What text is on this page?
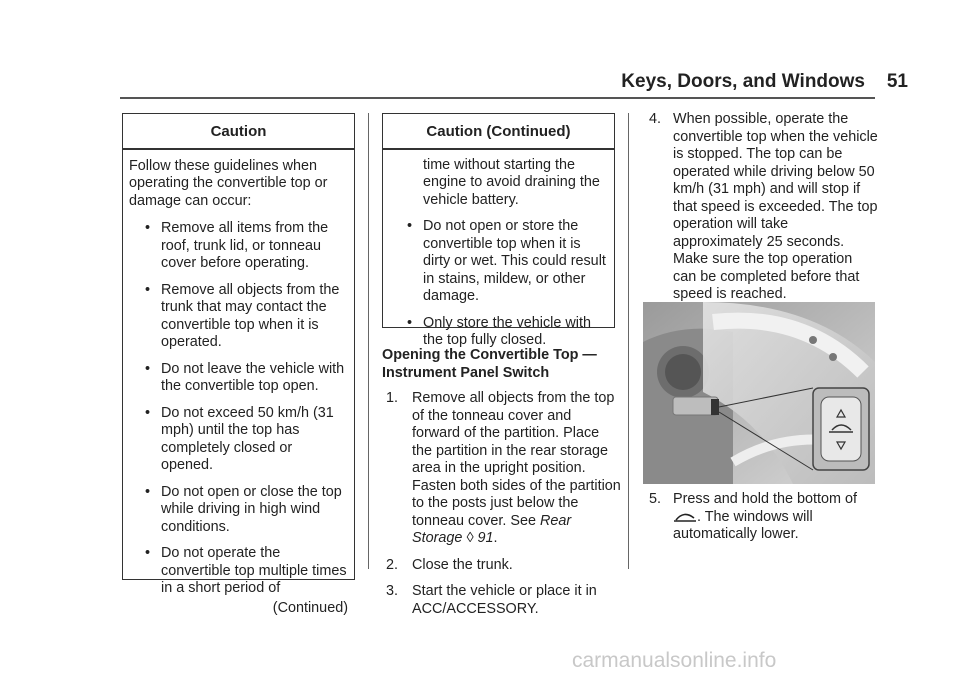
Keys, Doors, and Windows 51
Caution
Follow these guidelines when operating the convertible top or damage can occur:
• Remove all items from the roof, trunk lid, or tonneau cover before operating.
• Remove all objects from the trunk that may contact the convertible top when it is operated.
• Do not leave the vehicle with the convertible top open.
• Do not exceed 50 km/h (31 mph) until the top has completely closed or opened.
• Do not open or close the top while driving in high wind conditions.
• Do not operate the convertible top multiple times in a short period of
(Continued)
Caution (Continued)
time without starting the engine to avoid draining the vehicle battery.
• Do not open or store the convertible top when it is dirty or wet. This could result in stains, mildew, or other damage.
• Only store the vehicle with the top fully closed.
Opening the Convertible Top — Instrument Panel Switch
1. Remove all objects from the top of the tonneau cover and forward of the partition. Place the partition in the rear storage area in the upright position. Fasten both sides of the partition to the posts just below the tonneau cover. See Rear Storage ◊ 91.
2. Close the trunk.
3. Start the vehicle or place it in ACC/ACCESSORY.
4. When possible, operate the convertible top when the vehicle is stopped. The top can be operated while driving below 50 km/h (31 mph) and will stop if that speed is exceeded. The top operation will take approximately 25 seconds. Make sure the top operation can be completed before that speed is reached.
5. Press and hold the bottom of
. The windows will automatically lower.
carmanualsonline.info
